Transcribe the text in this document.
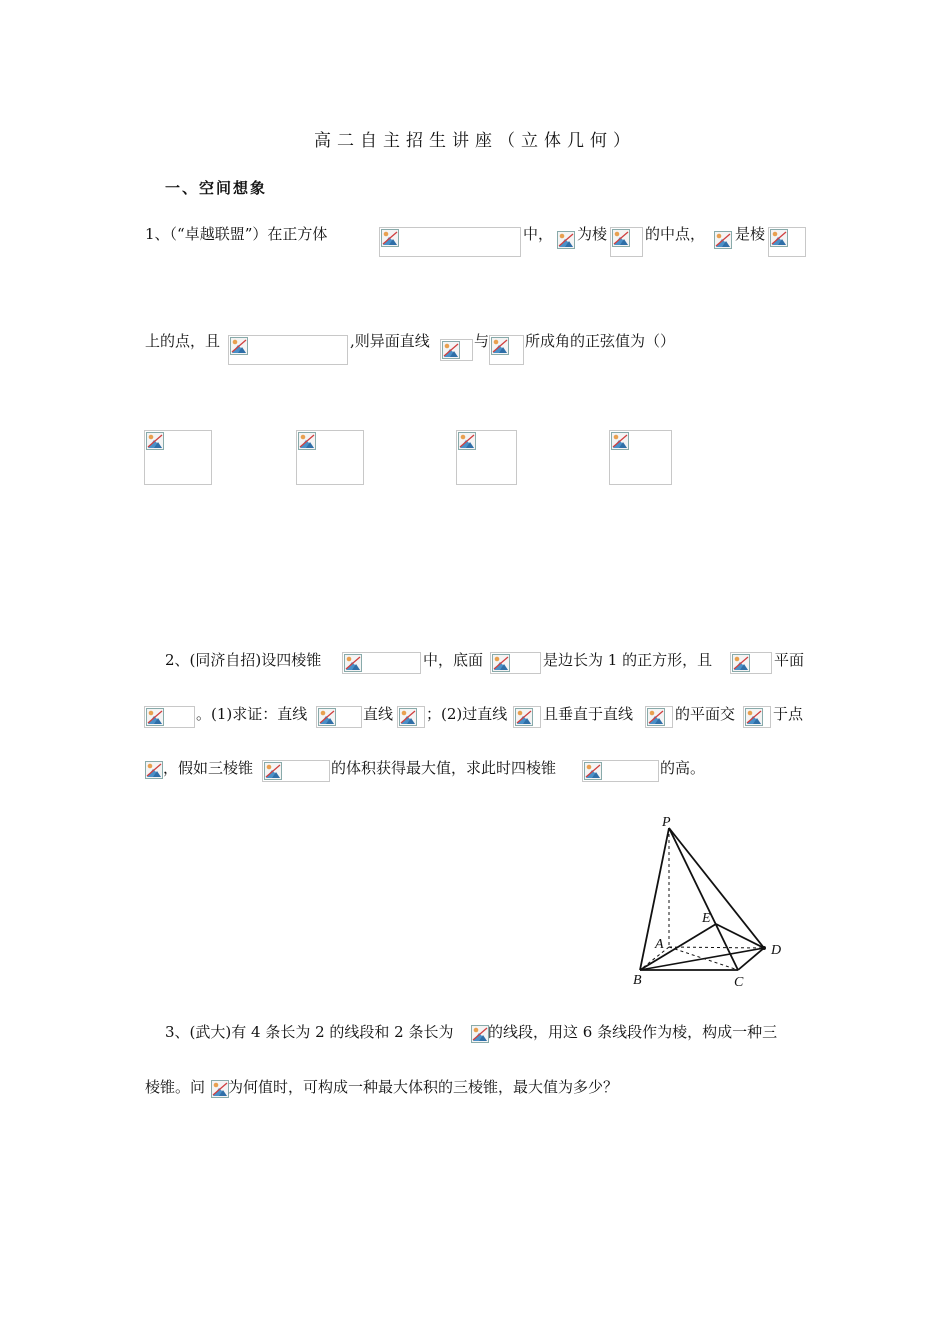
高二自主招生讲座（立体几何）
一、空间想象
1、（“卓越联盟”）在正方体	中， 为棱	的中点， 是棱
上的点，且	,则异面直线	与 所成角的正弦值为（）
2、(同济自招)设四棱锥	中，底面	是边长为 1 的正方形，且	平面
。(1)求证：直线	直线 ；(2)过直线 且垂直于直线	的平面交	于点
，假如三棱锥	的体积获得最大值，求此时四棱锥	的高。
P
E
A	D
B	C
3、(武大)有 4 条长为 2 的线段和 2 条长为 的线段，用这 6 条线段作为棱，构成一种三
棱锥。问 为何值时，可构成一种最大体积的三棱锥，最大值为多少？
